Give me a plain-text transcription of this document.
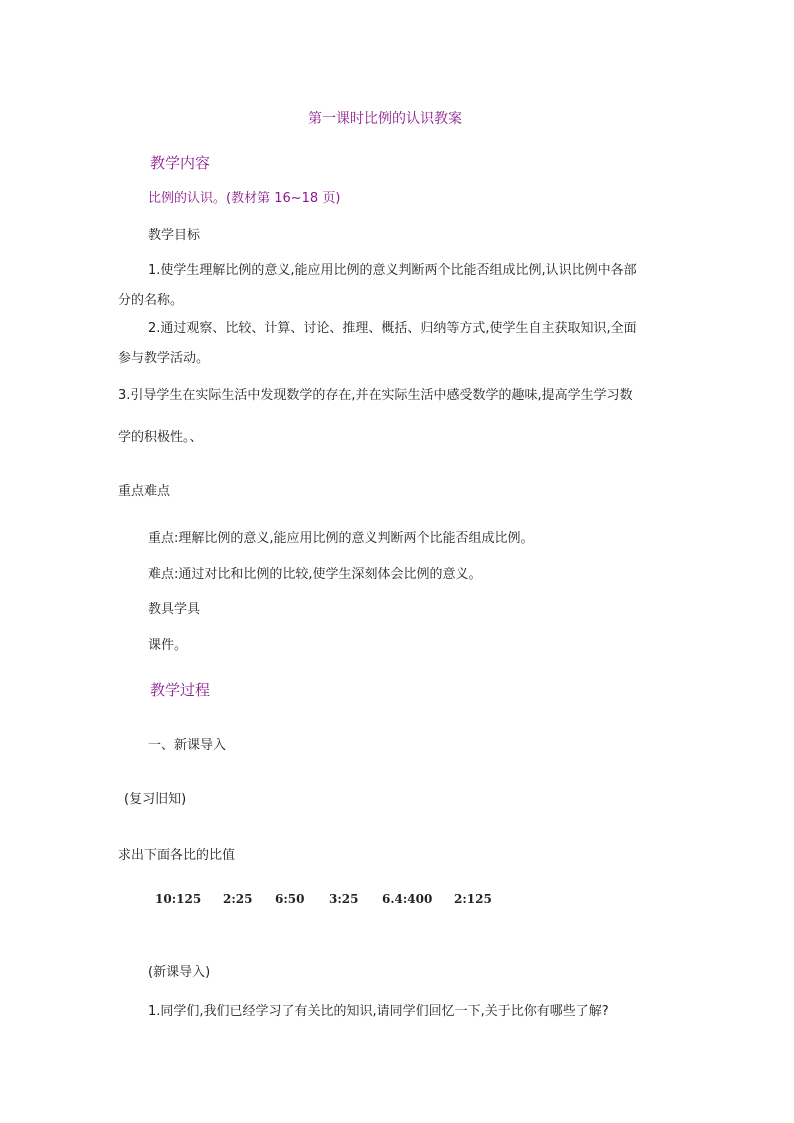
第一课时比例的认识教案
教学内容
比例的认识。(教材第 16~18 页)
教学目标
1.使学生理解比例的意义,能应用比例的意义判断两个比能否组成比例,认识比例中各部分的名称。
2.通过观察、比较、计算、讨论、推理、概括、归纳等方式,使学生自主获取知识,全面参与教学活动。
3.引导学生在实际生活中发现数学的存在,并在实际生活中感受数学的趣味,提高学生学习数
学的积极性。、
重点难点
重点:理解比例的意义,能应用比例的意义判断两个比能否组成比例。
难点:通过对比和比例的比较,使学生深刻体会比例的意义。
教具学具
课件。
教学过程
一、新课导入
(复习旧知)
求出下面各比的比值
10:125	2:25	6:50	3:25	6.4:400	2:125
(新课导入)
1.同学们,我们已经学习了有关比的知识,请同学们回忆一下,关于比你有哪些了解?
